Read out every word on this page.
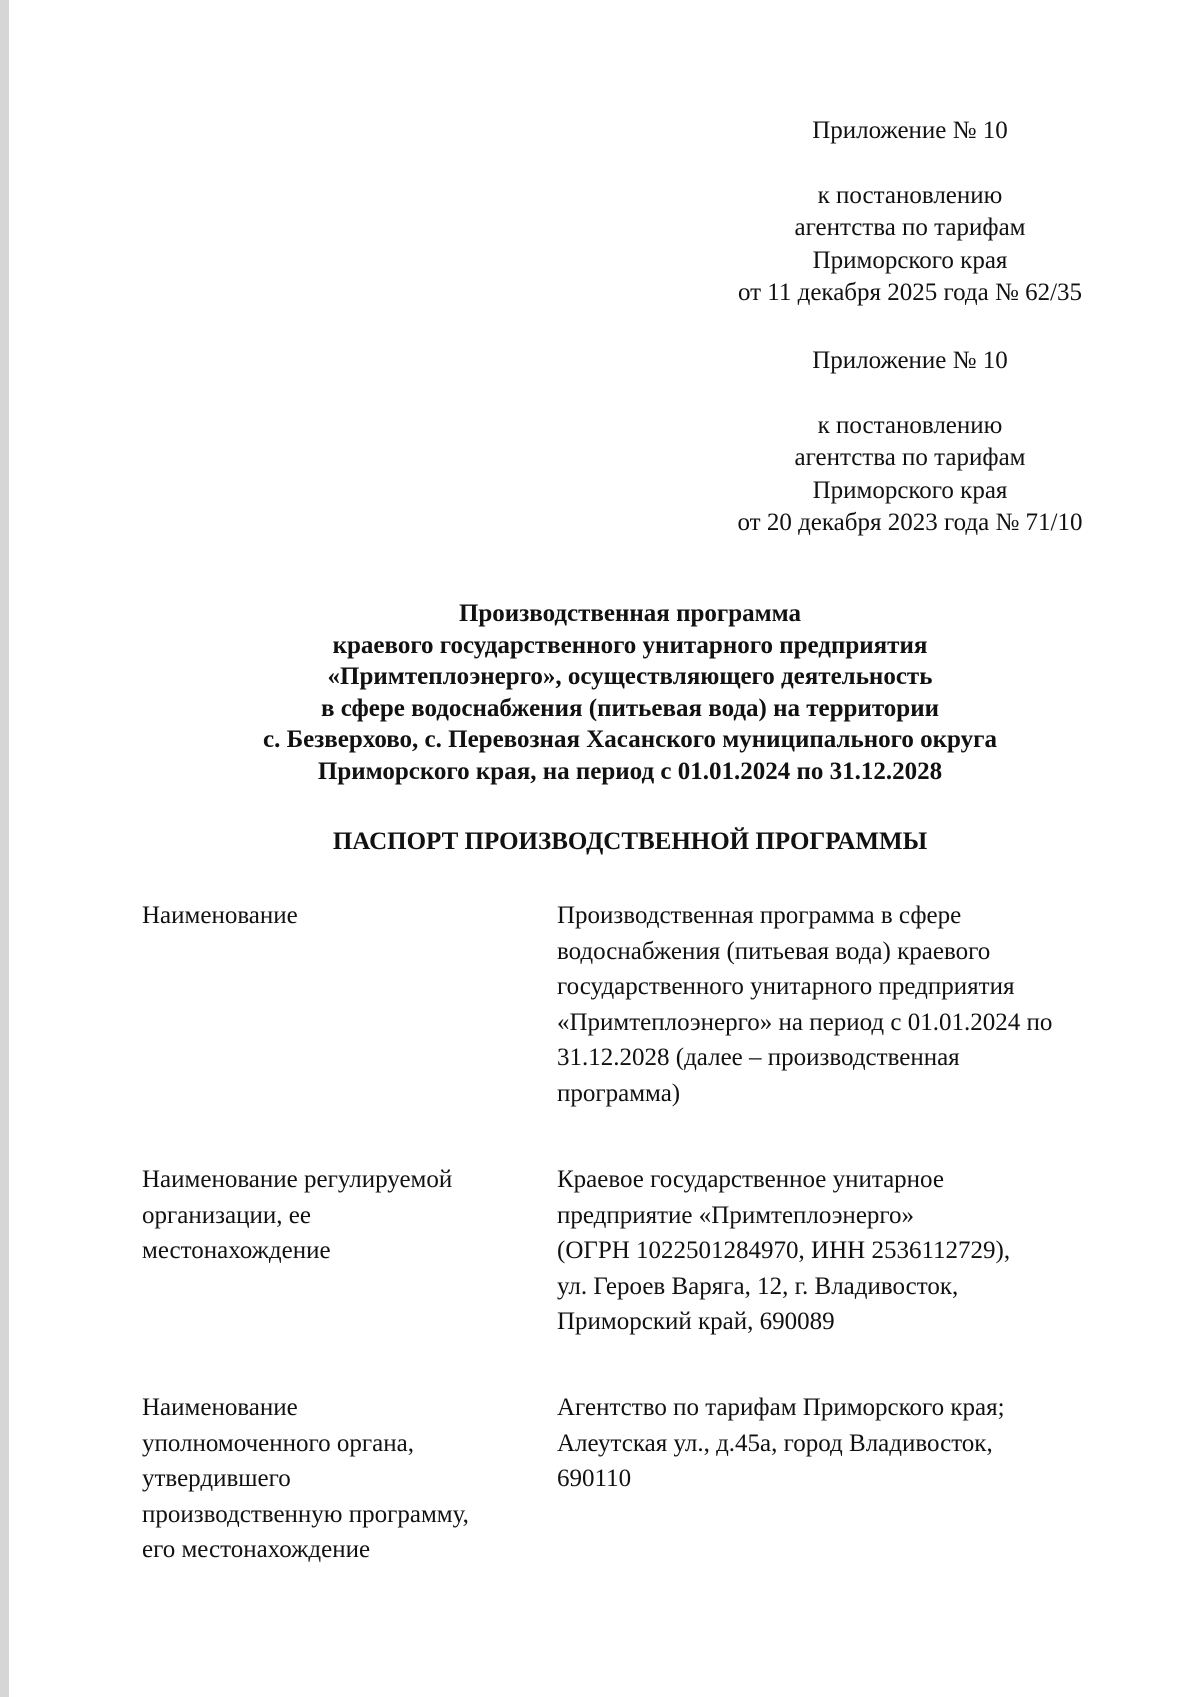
Приложение № 10
к постановлению
агентства по тарифам
Приморского края
от 11 декабря 2025 года № 62/35
Приложение № 10
к постановлению
агентства по тарифам
Приморского края
от 20 декабря 2023 года № 71/10
Производственная программа
краевого государственного унитарного предприятия
«Примтеплоэнерго», осуществляющего деятельность
в сфере водоснабжения (питьевая вода) на территории
с. Безверхово, с. Перевозная Хасанского муниципального округа
Приморского края, на период с 01.01.2024 по 31.12.2028
ПАСПОРТ ПРОИЗВОДСТВЕННОЙ ПРОГРАММЫ
Наименование	Производственная программа в сфере
водоснабжения (питьевая вода) краевого
государственного унитарного предприятия
«Примтеплоэнерго» на период с 01.01.2024 по
31.12.2028 (далее – производственная
программа)
Наименование регулируемой
организации, ее
местонахождение
Краевое государственное унитарное
предприятие «Примтеплоэнерго»
(ОГРН 1022501284970, ИНН 2536112729),
ул. Героев Варяга, 12, г. Владивосток,
Приморский край, 690089
Наименование
уполномоченного органа,
утвердившего
производственную программу,
его местонахождение
Агентство по тарифам Приморского края;
Алеутская ул., д.45а, город Владивосток,
690110
